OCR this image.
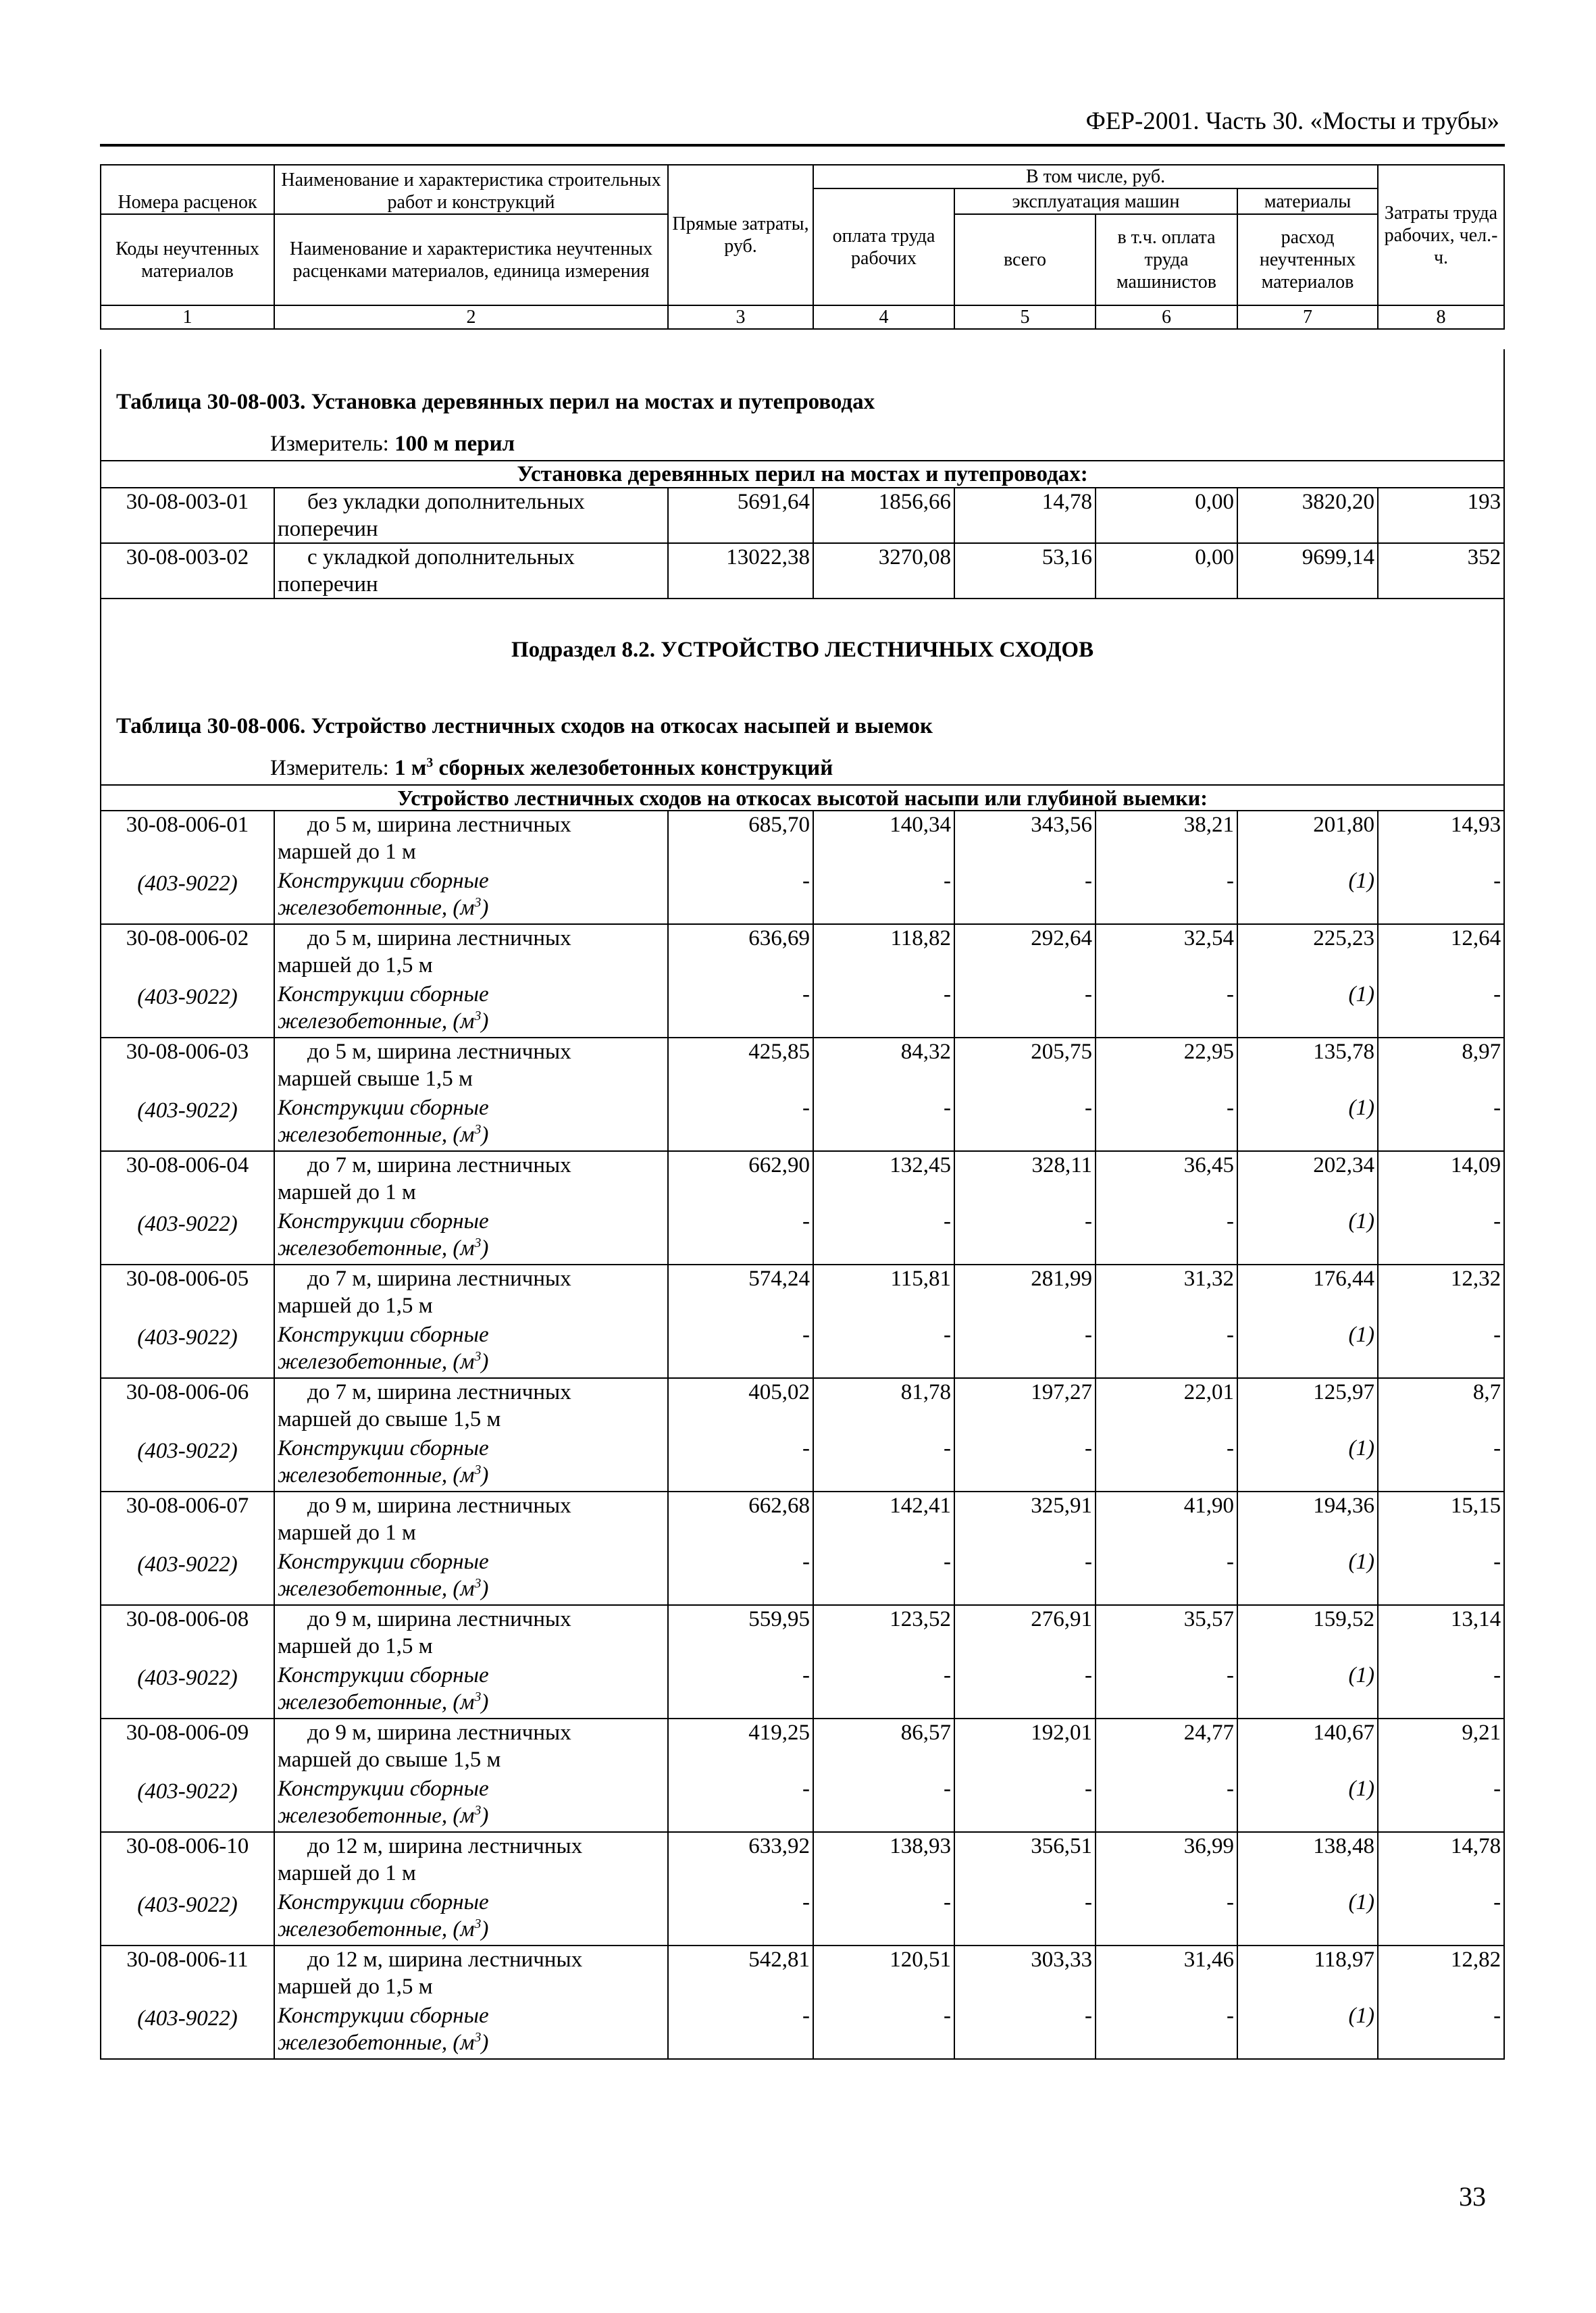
ФЕР-2001. Часть 30. «Мосты и трубы»
Номера расценок	Наименование и характеристика строительных работ и конструкций	Прямые затраты, руб.	В том числе, руб.				Затраты труда рабочих, чел.-ч.
			оплата труда рабочих	эксплуатация машин		материалы	
Коды неучтенных материалов	Наименование и характеристика неучтенных расценками материалов, единица измерения			всего	в т.ч. оплата труда машинистов	расход неучтенных материалов	
1	2	3	4	5	6	7	8
Таблица 30-08-003. Установка деревянных перил на мостах и путепроводах							
Измеритель: 100 м перил							
Установка деревянных перил на мостах и путепроводах:							
30-08-003-01	без укладки дополнительных
поперечин	5691,64	1856,66	14,78	0,00	3820,20	193
30-08-003-02	с укладкой дополнительных
поперечин	13022,38	3270,08	53,16	0,00	9699,14	352
Подраздел 8.2. УСТРОЙСТВО ЛЕСТНИЧНЫХ СХОДОВ							
Таблица 30-08-006. Устройство лестничных сходов на откосах насыпей и выемок							
Измеритель: 1 $м^3$ сборных железобетонных конструкций							
Устройство лестничных сходов на откосах высотой насыпи или глубиной выемки:							
30-08-006-01	до 5 м, ширина лестничных
маршей до 1 м	685,70	140,34	343,56	38,21	201,80	14,93
(403-9022)	Конструкции сборные
железобетонные, $(м^3)$	-	-	-	-	(1)	-
30-08-006-02	до 5 м, ширина лестничных
маршей до 1,5 м	636,69	118,82	292,64	32,54	225,23	12,64
(403-9022)	Конструкции сборные
железобетонные, $(м^3)$	-	-	-	-	(1)	-
30-08-006-03	до 5 м, ширина лестничных
маршей свыше 1,5 м	425,85	84,32	205,75	22,95	135,78	8,97
(403-9022)	Конструкции сборные
железобетонные, $(м^3)$	-	-	-	-	(1)	-
30-08-006-04	до 7 м, ширина лестничных
маршей до 1 м	662,90	132,45	328,11	36,45	202,34	14,09
(403-9022)	Конструкции сборные
железобетонные, $(м^3)$	-	-	-	-	(1)	-
30-08-006-05	до 7 м, ширина лестничных
маршей до 1,5 м	574,24	115,81	281,99	31,32	176,44	12,32
(403-9022)	Конструкции сборные
железобетонные, $(м^3)$	-	-	-	-	(1)	-
30-08-006-06	до 7 м, ширина лестничных
маршей до свыше 1,5 м	405,02	81,78	197,27	22,01	125,97	8,7
(403-9022)	Конструкции сборные
железобетонные, $(м^3)$	-	-	-	-	(1)	-
30-08-006-07	до 9 м, ширина лестничных
маршей до 1 м	662,68	142,41	325,91	41,90	194,36	15,15
(403-9022)	Конструкции сборные
железобетонные, $(м^3)$	-	-	-	-	(1)	-
30-08-006-08	до 9 м, ширина лестничных
маршей до 1,5 м	559,95	123,52	276,91	35,57	159,52	13,14
(403-9022)	Конструкции сборные
железобетонные, $(м^3)$	-	-	-	-	(1)	-
30-08-006-09	до 9 м, ширина лестничных
маршей до свыше 1,5 м	419,25	86,57	192,01	24,77	140,67	9,21
(403-9022)	Конструкции сборные
железобетонные, $(м^3)$	-	-	-	-	(1)	-
30-08-006-10	до 12 м, ширина лестничных
маршей до 1 м	633,92	138,93	356,51	36,99	138,48	14,78
(403-9022)	Конструкции сборные
железобетонные, $(м^3)$	-	-	-	-	(1)	-
30-08-006-11	до 12 м, ширина лестничных
маршей до 1,5 м	542,81	120,51	303,33	31,46	118,97	12,82
(403-9022)	Конструкции сборные
железобетонные, $(м^3)$	-	-	-	-	(1)	-
33
